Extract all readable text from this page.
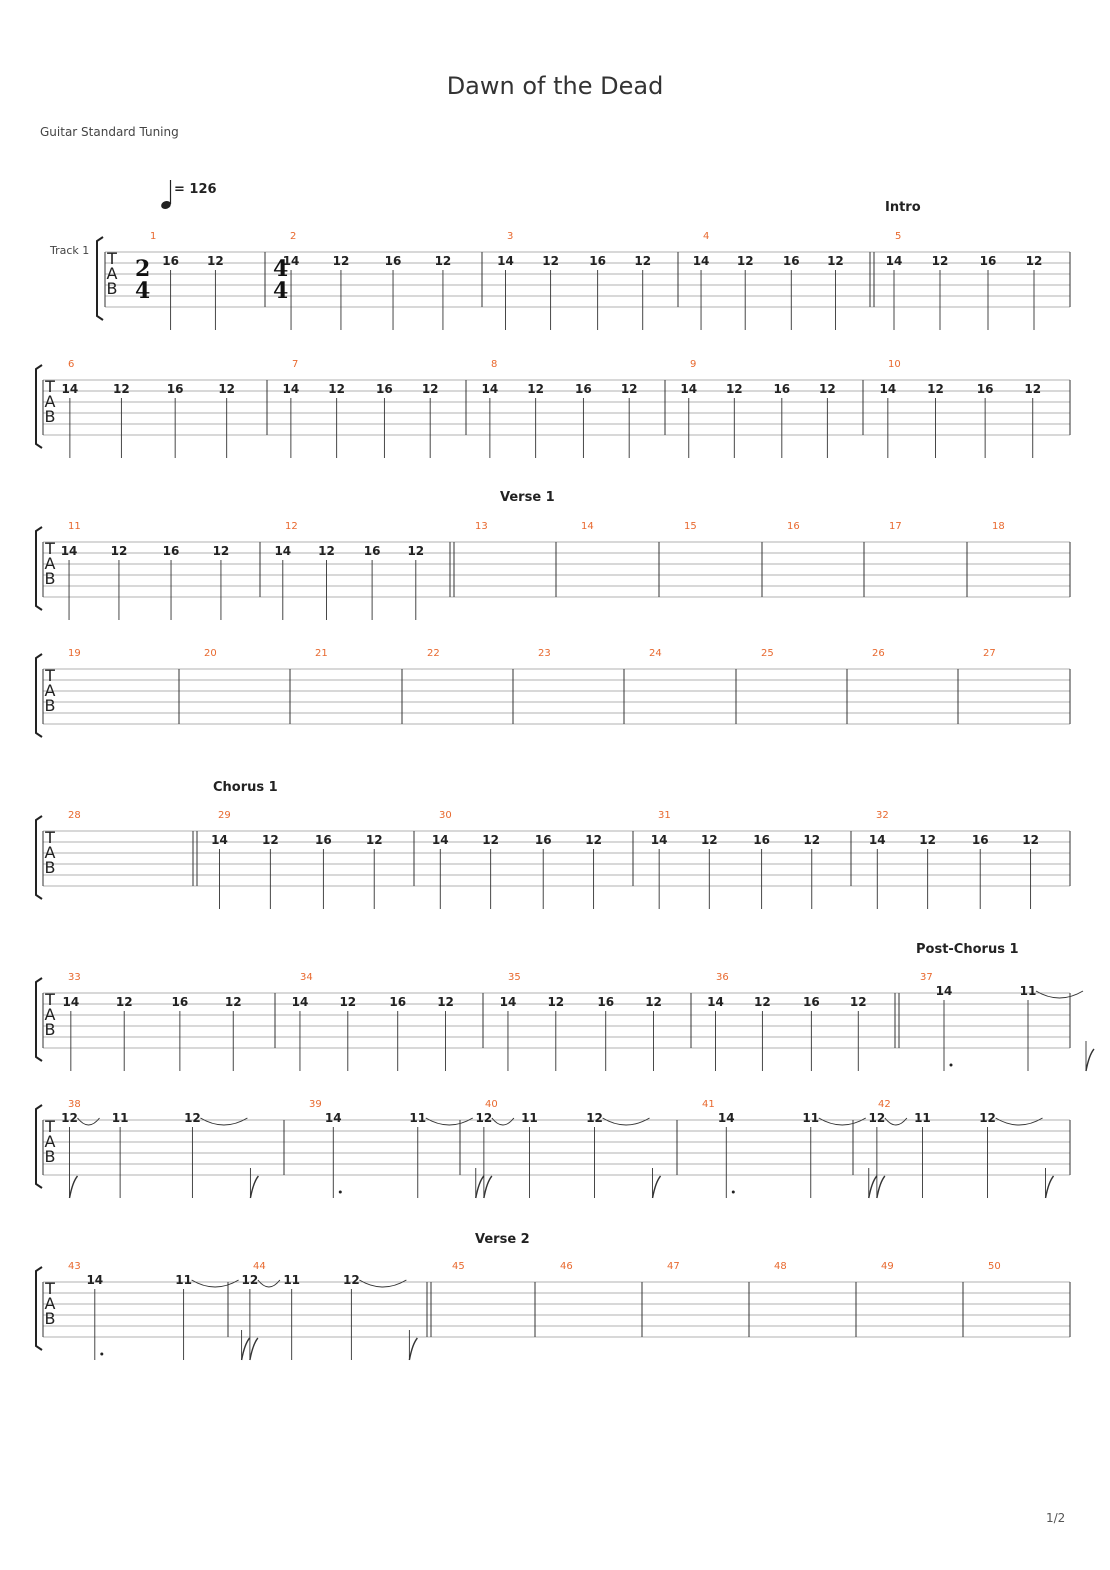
Dawn of the Dead
Guitar Standard Tuning
1/2
T
A
B
1
16 12
2
14	12	16	12
3
14 12	16 12
4
14 12 16 12
5
14 12	16 12
Track 1
T
A
B
6
14	12	16	12
7
14 12	16 12
8
14 12	16 12
9
14 12	16 12
10
14	12	16	12
T
A
B
11
14	12	16	12
12
14 12 16 12
13	14	15	16	17	18
T
A
B
19	20	21	22	23	24	25	26	27
T
A
B
28	29
14	12	16	12
30
14	12	16	12
31
14	12	16	12
32
14	12	16	12
T
A
B
33
14	12	16	12
34
14	12	16	12
35
14	12	16	12
36
14	12	16	12
37
14	11
T
A
B
38
12	11	12
39
14	11
40
12 11	12
41
14	11
42
12 11	12
T
A
B
43
14	11
44
12 11	12
45	46	47	48	49	50
2
4
4
4
= 126
Intro
Verse 1
Chorus 1
Post-Chorus 1
Verse 2
